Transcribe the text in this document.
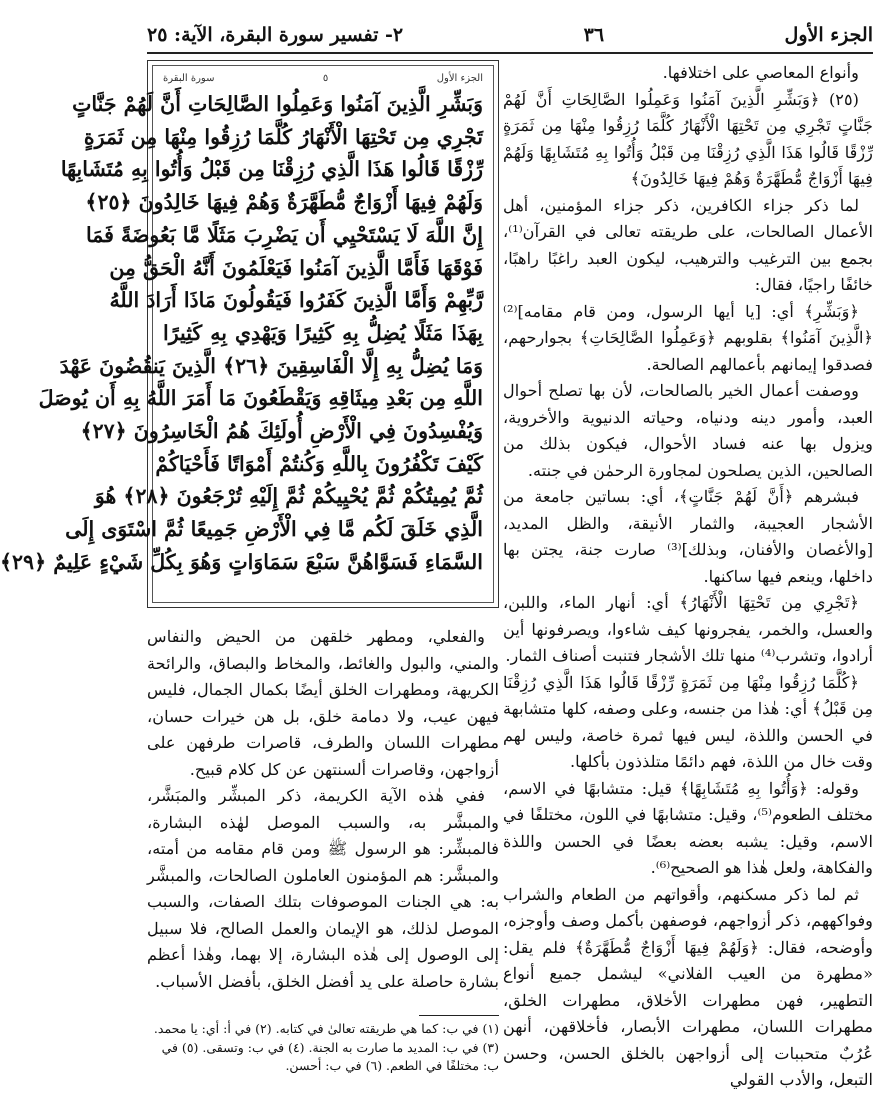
الجزء الأول
٣٦
٢- تفسير سورة البقرة، الآية: ٢٥

وأنواع المعاصي على اختلافها.

(٢٥) ﴿وَبَشِّرِ الَّذِينَ آمَنُوا وَعَمِلُوا الصَّالِحَاتِ أَنَّ لَهُمْ جَنَّاتٍ تَجْرِي مِن تَحْتِهَا الْأَنْهَارُ كُلَّمَا رُزِقُوا مِنْهَا مِن ثَمَرَةٍ رِّزْقًا قَالُوا هَذَا الَّذِي رُزِقْنَا مِن قَبْلُ وَأُتُوا بِهِ مُتَشَابِهًا وَلَهُمْ فِيهَا أَزْوَاجٌ مُّطَهَّرَةٌ وَهُمْ فِيهَا خَالِدُونَ﴾

لما ذكر جزاء الكافرين، ذكر جزاء المؤمنين، أهل الأعمال الصالحات، على طريقته تعالى في القرآن⁽¹⁾، بجمع بين الترغيب والترهيب، ليكون العبد راغبًا راهبًا، خائفًا راجيًا، فقال:

﴿وَبَشِّرِ﴾ أي: [يا أيها الرسول، ومن قام مقامه]⁽²⁾ ﴿الَّذِينَ آمَنُوا﴾ بقلوبهم ﴿وَعَمِلُوا الصَّالِحَاتِ﴾ بجوارحهم، فصدقوا إيمانهم بأعمالهم الصالحة.

ووصفت أعمال الخير بالصالحات، لأن بها تصلح أحوال العبد، وأمور دينه ودنياه، وحياته الدنيوية والأخروية، ويزول بها عنه فساد الأحوال، فيكون بذلك من الصالحين، الذين يصلحون لمجاورة الرحمٰن في جنته.

فبشرهم ﴿أَنَّ لَهُمْ جَنَّاتٍ﴾، أي: بساتين جامعة من الأشجار العجيبة، والثمار الأنيقة، والظل المديد، [والأغصان والأفنان، وبذلك]⁽³⁾ صارت جنة، يجتن بها داخلها، وينعم فيها ساكنها.

﴿تَجْرِي مِن تَحْتِهَا الْأَنْهَارُ﴾ أي: أنهار الماء، واللبن، والعسل، والخمر، يفجرونها كيف شاءوا، ويصرفونها أين أرادوا، وتشرب⁽⁴⁾ منها تلك الأشجار فتنبت أصناف الثمار.

﴿كُلَّمَا رُزِقُوا مِنْهَا مِن ثَمَرَةٍ رِّزْقًا قَالُوا هَذَا الَّذِي رُزِقْنَا مِن قَبْلُ﴾ أي: هٰذا من جنسه، وعلى وصفه، كلها متشابهة في الحسن واللذة، ليس فيها ثمرة خاصة، وليس لهم وقت خال من اللذة، فهم دائمًا متلذذون بأكلها.

وقوله: ﴿وَأُتُوا بِهِ مُتَشَابِهًا﴾ قيل: متشابهًا في الاسم، مختلف الطعوم⁽⁵⁾، وقيل: متشابهًا في اللون، مختلفًا في الاسم، وقيل: يشبه بعضه بعضًا في الحسن واللذة والفكاهة، ولعل هٰذا هو الصحيح⁽⁶⁾.

ثم لما ذكر مسكنهم، وأقواتهم من الطعام والشراب وفواكههم، ذكر أزواجهم، فوصفهن بأكمل وصف وأوجزه، وأوضحه، فقال: ﴿وَلَهُمْ فِيهَا أَزْوَاجٌ مُّطَهَّرَةٌ﴾ فلم يقل: «مطهرة من العيب الفلاني» ليشمل جميع أنواع التطهير، فهن مطهرات الأخلاق، مطهرات الخلق، مطهرات اللسان، مطهرات الأبصار، فأخلاقهن، أنهن عُرُبٌ متحببات إلى أزواجهن بالخلق الحسن، وحسن التبعل، والأدب القولي

الجزء الأول
٥
سورة البقرة
وَبَشِّرِ الَّذِينَ آمَنُوا وَعَمِلُوا الصَّالِحَاتِ أَنَّ لَهُمْ جَنَّاتٍ
تَجْرِي مِن تَحْتِهَا الْأَنْهَارُ كُلَّمَا رُزِقُوا مِنْهَا مِن ثَمَرَةٍ
رِّزْقًا قَالُوا هَذَا الَّذِي رُزِقْنَا مِن قَبْلُ وَأُتُوا بِهِ مُتَشَابِهًا
وَلَهُمْ فِيهَا أَزْوَاجٌ مُّطَهَّرَةٌ وَهُمْ فِيهَا خَالِدُونَ ﴿٢٥﴾
إِنَّ اللَّهَ لَا يَسْتَحْيِي أَن يَضْرِبَ مَثَلًا مَّا بَعُوضَةً فَمَا
فَوْقَهَا فَأَمَّا الَّذِينَ آمَنُوا فَيَعْلَمُونَ أَنَّهُ الْحَقُّ مِن
رَّبِّهِمْ وَأَمَّا الَّذِينَ كَفَرُوا فَيَقُولُونَ مَاذَا أَرَادَ اللَّهُ
بِهَذَا مَثَلًا يُضِلُّ بِهِ كَثِيرًا وَيَهْدِي بِهِ كَثِيرًا
وَمَا يُضِلُّ بِهِ إِلَّا الْفَاسِقِينَ ﴿٢٦﴾ الَّذِينَ يَنقُضُونَ عَهْدَ
اللَّهِ مِن بَعْدِ مِيثَاقِهِ وَيَقْطَعُونَ مَا أَمَرَ اللَّهُ بِهِ أَن يُوصَلَ
وَيُفْسِدُونَ فِي الْأَرْضِ أُولَئِكَ هُمُ الْخَاسِرُونَ ﴿٢٧﴾
كَيْفَ تَكْفُرُونَ بِاللَّهِ وَكُنتُمْ أَمْوَاتًا فَأَحْيَاكُمْ
ثُمَّ يُمِيتُكُمْ ثُمَّ يُحْيِيكُمْ ثُمَّ إِلَيْهِ تُرْجَعُونَ ﴿٢٨﴾ هُوَ
الَّذِي خَلَقَ لَكُم مَّا فِي الْأَرْضِ جَمِيعًا ثُمَّ اسْتَوَى إِلَى
السَّمَاءِ فَسَوَّاهُنَّ سَبْعَ سَمَاوَاتٍ وَهُوَ بِكُلِّ شَيْءٍ عَلِيمٌ ﴿٢٩﴾

والفعلي، ومطهر خلقهن من الحيض والنفاس والمني، والبول والغائط، والمخاط والبصاق، والرائحة الكريهة، ومطهرات الخلق أيضًا بكمال الجمال، فليس فيهن عيب، ولا دمامة خلق، بل هن خيرات حسان، مطهرات اللسان والطرف، قاصرات طرفهن على أزواجهن، وقاصرات ألسنتهن عن كل كلام قبيح.

ففي هٰذه الآية الكريمة، ذكر المبشِّر والمبَشَّر، والمبشَّر به، والسبب الموصل لهٰذه البشارة، فالمبشِّر: هو الرسول ﷺ ومن قام مقامه من أمته، والمبشَّر: هم المؤمنون العاملون الصالحات، والمبشَّر به: هي الجنات الموصوفات بتلك الصفات، والسبب الموصل لذلك، هو الإيمان والعمل الصالح، فلا سبيل إلى الوصول إلى هٰذه البشارة، إلا بهما، وهٰذا أعظم بشارة حاصلة على يد أفضل الخلق، بأفضل الأسباب.

(١) في ب: كما هي طريقته تعالىٰ في كتابه. (٢) في أ: أي: يا محمد.
(٣) في ب: المديد ما صارت به الجنة. (٤) في ب: وتسقى. (٥) في
ب: مختلفًا في الطعم. (٦) في ب: أحسن.
